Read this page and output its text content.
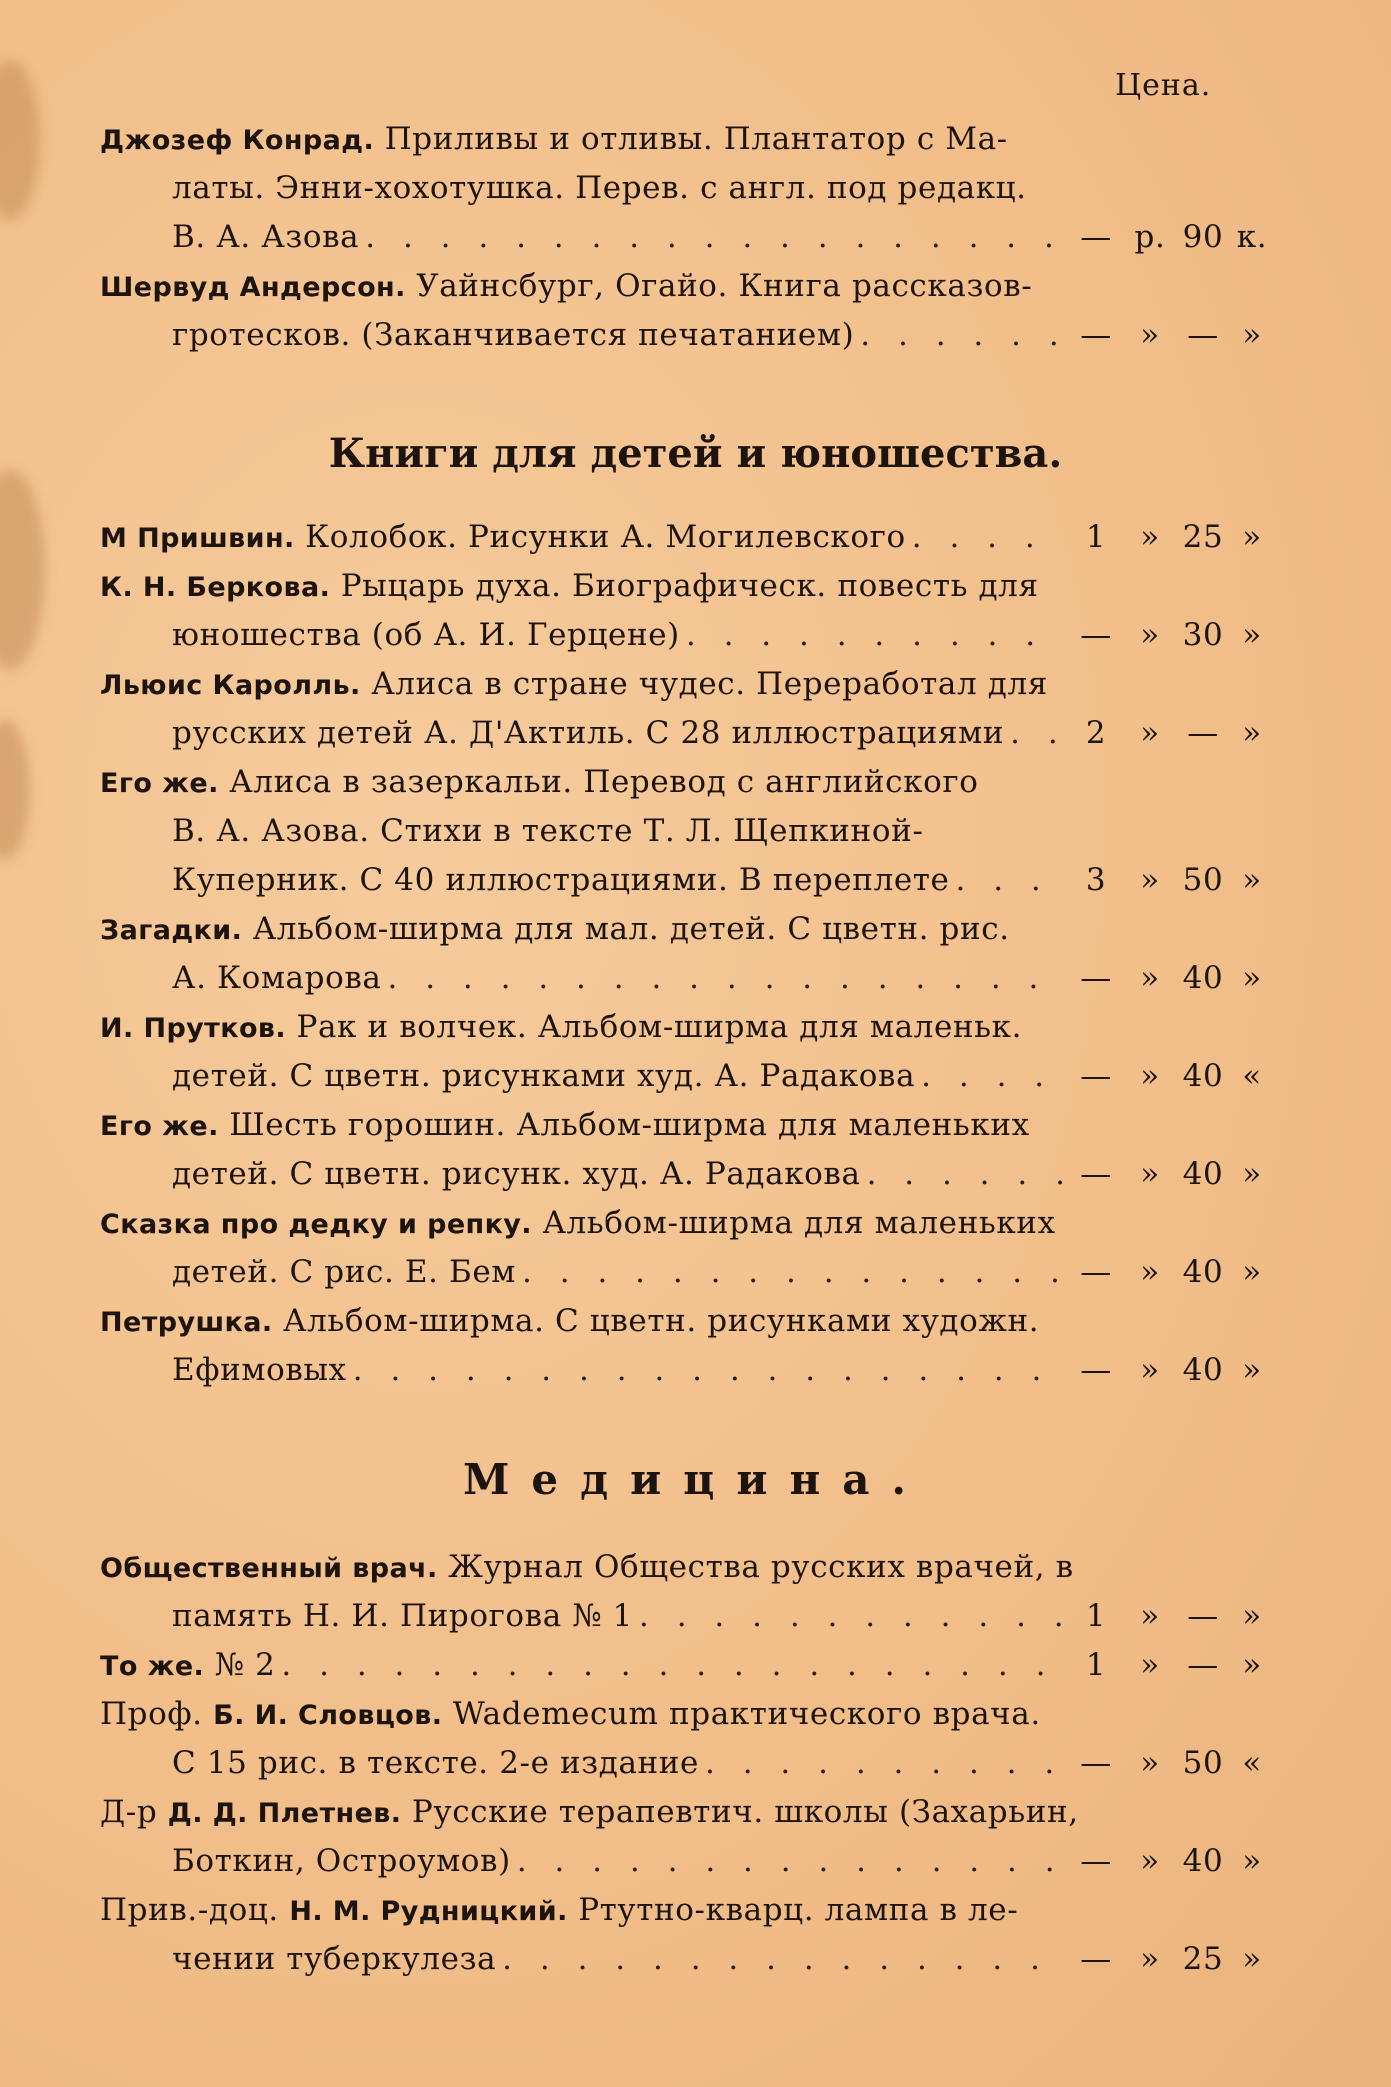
Цена.
Джозеф Конрад. Приливы и отливы. Плантатор с Ма-
латы. Энни-хохотушка. Перев. с англ. под редакц.
В. А. Азова . . .	— р. 90 к.
Шервуд Андерсон. Уайнсбург, Огайо. Книга рассказов-
гротесков. (Заканчивается печатанием) . . .	— » — »
Книги для детей и юношества.
М Пришвин. Колобок. Рисунки А. Могилевского . . .	1	» 25 »
К. Н. Беркова. Рыцарь духа. Биографическ. повесть для
юношества (об А. И. Герцене) . . .	— » 30 »
Льюис Каролль. Алиса в стране чудес. Переработал для
русских детей А. Д'Актиль. С 28 иллюстрациями . . .	2	» — »
Его же. Алиса в зазеркальи. Перевод с английского
В. А. Азова. Стихи в тексте Т. Л. Щепкиной-
Куперник. С 40 иллюстрациями. В переплете . . .	3	» 50 »
Загадки. Альбом-ширма для мал. детей. С цветн. рис.
А. Комарова . . .	— » 40 »
И. Прутков. Рак и волчек. Альбом-ширма для маленьк.
детей. С цветн. рисунками худ. А. Радакова . . .	— » 40 «
Его же. Шесть горошин. Альбом-ширма для маленьких
детей. С цветн. рисунк. худ. А. Радакова . . .	— » 40 »
Сказка про дедку и репку. Альбом-ширма для маленьких
детей. С рис. Е. Бем . . .	— » 40 »
Петрушка. Альбом-ширма. С цветн. рисунками художн.
Ефимовых . . .	— » 40 »
Медицина.
Общественный врач. Журнал Общества русских врачей, в
память Н. И. Пирогова № 1 . . .	1	» — »
То же. № 2 . . .	1	» — »
Проф. Б. И. Словцов. Wademecum практического врача.
С 15 рис. в тексте. 2-е издание . . .	— » 50 «
Д-р Д. Д. Плетнев. Русские терапевтич. школы (Захарьин,
Боткин, Остроумов) . . .	— » 40 »
Прив.-доц. Н. М. Рудницкий. Ртутно-кварц. лампа в ле-
чении туберкулеза . . .	— » 25 »
